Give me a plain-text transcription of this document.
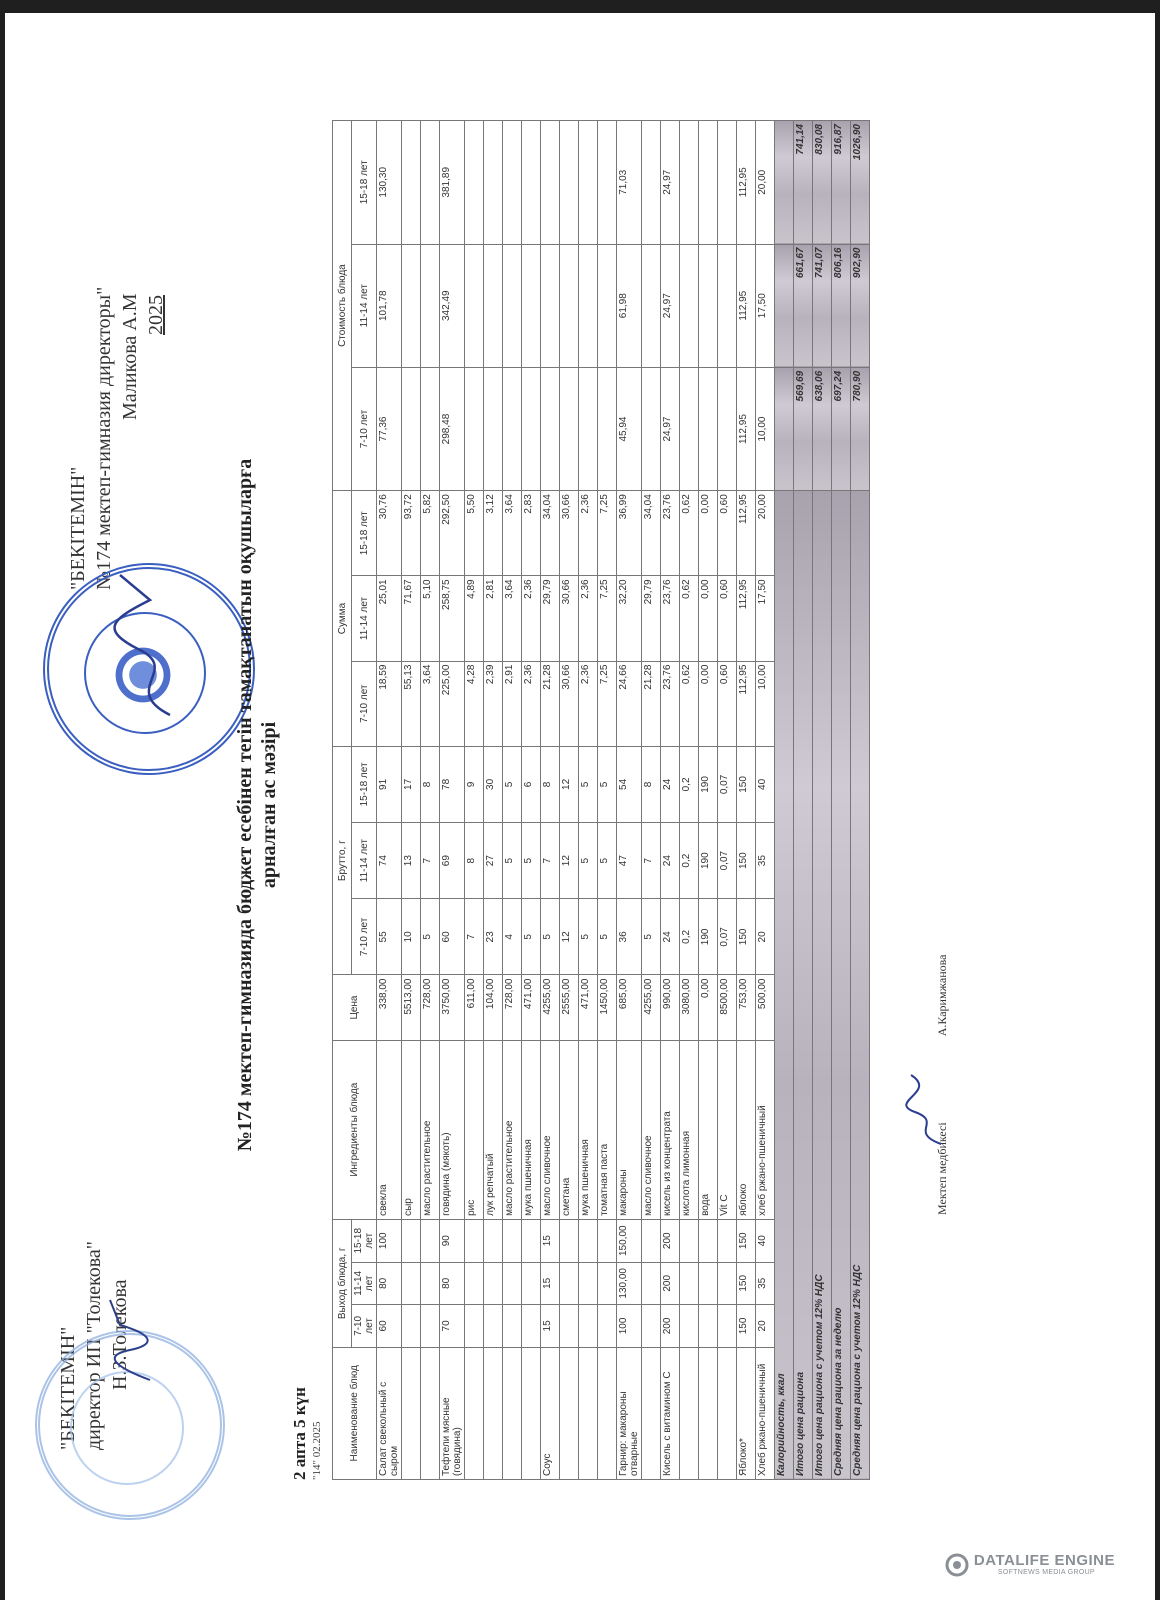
"БЕКІТЕМІН" директор ИП "Толекова" Н.З.Толекова
"БЕКІТЕМІН" №174 мектеп-гимназия директоры" Маликова А.М 2025
№174 мектеп-гимназияда бюджет есебінен тегін тамақтанатын оқушыларға арналған ас мәзірі
2 апта 5 күн "14" 02.2025	Наименование блюд	Выход блюда, г			Ингредиенты блюда	Цена	Брутто, г			Сумма			Стоимость блюда		
	7-10 лет	11-14 лет	15-18 лет			7-10 лет	11-14 лет	15-18 лет	7-10 лет	11-14 лет	15-18 лет	7-10 лет	11-14 лет	15-18 лет
Салат свекольный с сыром	60	80	100	свекла	338,00	55	74	91	18,59	25,01	30,76	77,36	101,78	130,30
				сыр	5513,00	10	13	17	55,13	71,67	93,72			
				масло растительное	728,00	5	7	8	3,64	5,10	5,82			
Тефтели мясные (говядина)	70	80	90	говядина (мякоть)	3750,00	60	69	78	225,00	258,75	292,50	298,48	342,49	381,89
				рис	611,00	7	8	9	4,28	4,89	5,50			
				лук репчатый	104,00	23	27	30	2,39	2,81	3,12			
				масло растительное	728,00	4	5	5	2,91	3,64	3,64			
				мука пшеничная	471,00	5	5	6	2,36	2,36	2,83			
Соус	15	15	15	масло сливочное	4255,00	5	7	8	21,28	29,79	34,04			
				сметана	2555,00	12	12	12	30,66	30,66	30,66			
				мука пшеничная	471,00	5	5	5	2,36	2,36	2,36			
				томатная паста	1450,00	5	5	5	7,25	7,25	7,25			
Гарнир: макароны отварные	100	130,00	150,00	макароны	685,00	36	47	54	24,66	32,20	36,99	45,94	61,98	71,03
				масло сливочное	4255,00	5	7	8	21,28	29,79	34,04			
Кисель с витамином С	200	200	200	кисель из концентрата	990,00	24	24	24	23,76	23,76	23,76	24,97	24,97	24,97
				кислота лимонная	3080,00	0,2	0,2	0,2	0,62	0,62	0,62			
				вода	0,00	190	190	190	0,00	0,00	0,00			
				Vit C	8500,00	0,07	0,07	0,07	0,60	0,60	0,60			
Яблоко*	150	150	150	яблоко	753,00	150	150	150	112,95	112,95	112,95	112,95	112,95	112,95
Хлеб ржано-пшеничный	20	35	40	хлеб ржано-пшеничный	500,00	20	35	40	10,00	17,50	20,00	10,00	17,50	20,00
Калорийность, ккал														
Итого цена рациона												569,69	661,67	741,14
Итого цена рациона с учетом 12% НДС												638,06	741,07	830,08
Средняя цена рациона за неделю												697,24	806,16	916,87
Средняя цена рациона с учетом 12% НДС												780,90	902,90	1026,90
Мектеп медбикесі  А.Каримжанова
DATALIFE ENGINE
SOFTNEWS MEDIA GROUP
